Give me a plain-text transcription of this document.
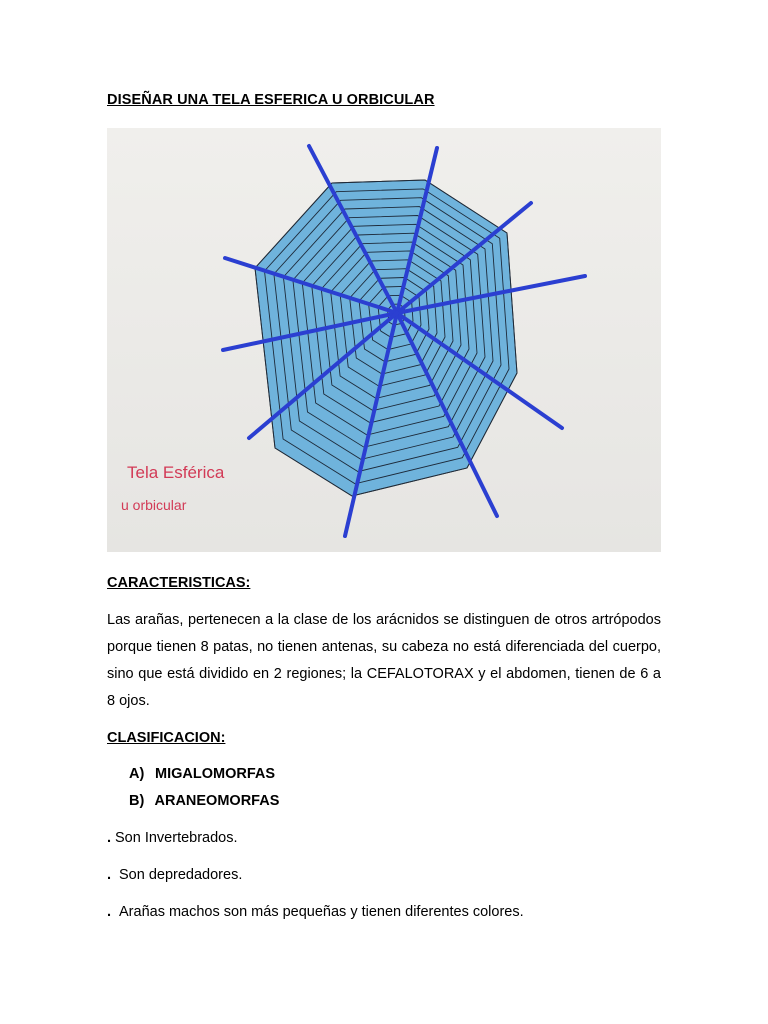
DISEÑAR UNA TELA ESFERICA U ORBICULAR
Tela Esférica
u orbicular
CARACTERISTICAS:

Las arañas, pertenecen a la clase de los arácnidos se distinguen de otros artrópodos porque tienen 8 patas, no tienen antenas, su cabeza no está diferenciada del cuerpo, sino que está dividido en 2 regiones; la CEFALOTORAX y el abdomen, tienen de 6 a 8 ojos.

CLASIFICACION:
A) MIGALOMORFAS
B) ARANEOMORFAS
. Son Invertebrados.
. Son depredadores.
. Arañas machos son más pequeñas y tienen diferentes colores.
